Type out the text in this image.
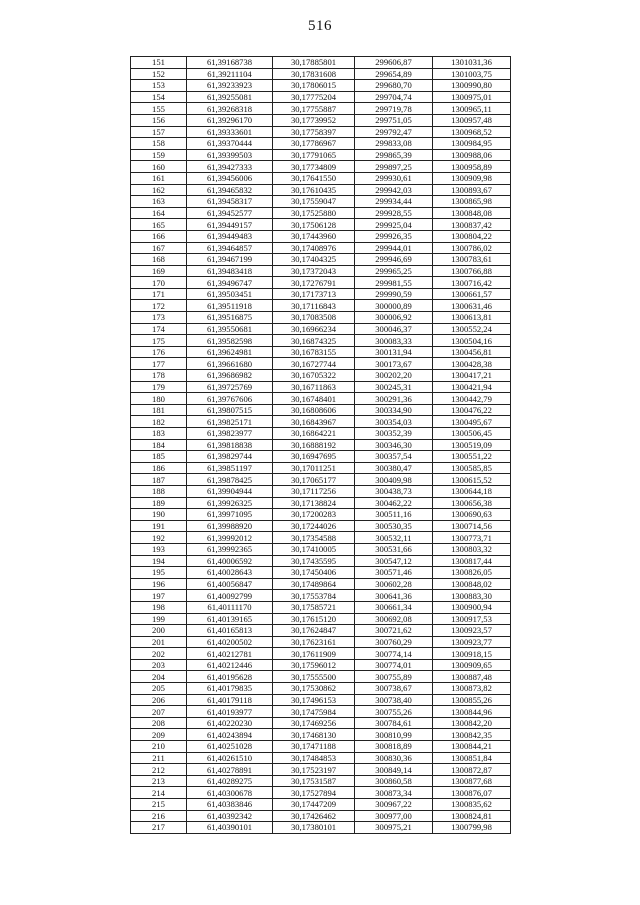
516
151	61,39168738	30,17885801	299606,87	1301031,36
152	61,39211104	30,17831608	299654,89	1301003,75
153	61,39233923	30,17806015	299680,70	1300990,80
154	61,39255081	30,17775204	299704,74	1300975,01
155	61,39268318	30,17755887	299719,78	1300965,11
156	61,39296170	30,17739952	299751,05	1300957,48
157	61,39333601	30,17758397	299792,47	1300968,52
158	61,39370444	30,17786967	299833,08	1300984,95
159	61,39399503	30,17791065	299865,39	1300988,06
160	61,39427333	30,17734809	299897,25	1300958,89
161	61,39456006	30,17641550	299930,61	1300909,98
162	61,39465832	30,17610435	299942,03	1300893,67
163	61,39458317	30,17559047	299934,44	1300865,98
164	61,39452577	30,17525880	299928,55	1300848,08
165	61,39449157	30,17506128	299925,04	1300837,42
166	61,39449483	30,17443960	299926,35	1300804,22
167	61,39464857	30,17408976	299944,01	1300786,02
168	61,39467199	30,17404325	299946,69	1300783,61
169	61,39483418	30,17372043	299965,25	1300766,88
170	61,39496747	30,17276791	299981,55	1300716,42
171	61,39503451	30,17173713	299990,59	1300661,57
172	61,39511918	30,17116843	300000,89	1300631,46
173	61,39516875	30,17083508	300006,92	1300613,81
174	61,39550681	30,16966234	300046,37	1300552,24
175	61,39582598	30,16874325	300083,33	1300504,16
176	61,39624981	30,16783155	300131,94	1300456,81
177	61,39661680	30,16727744	300173,67	1300428,38
178	61,39686982	30,16705322	300202,20	1300417,21
179	61,39725769	30,16711863	300245,31	1300421,94
180	61,39767606	30,16748401	300291,36	1300442,79
181	61,39807515	30,16808606	300334,90	1300476,22
182	61,39825171	30,16843967	300354,03	1300495,67
183	61,39823977	30,16864221	300352,39	1300506,45
184	61,39818838	30,16888192	300346,30	1300519,09
185	61,39829744	30,16947695	300357,54	1300551,22
186	61,39851197	30,17011251	300380,47	1300585,85
187	61,39878425	30,17065177	300409,98	1300615,52
188	61,39904944	30,17117256	300438,73	1300644,18
189	61,39926325	30,17138824	300462,22	1300656,38
190	61,39971095	30,17200283	300511,16	1300690,63
191	61,39988920	30,17244026	300530,35	1300714,56
192	61,39992012	30,17354588	300532,11	1300773,71
193	61,39992365	30,17410005	300531,66	1300803,32
194	61,40006592	30,17435595	300547,12	1300817,44
195	61,40028643	30,17450406	300571,46	1300826,05
196	61,40056847	30,17489864	300602,28	1300848,02
197	61,40092799	30,17553784	300641,36	1300883,30
198	61,40111170	30,17585721	300661,34	1300900,94
199	61,40139165	30,17615120	300692,08	1300917,53
200	61,40165813	30,17624847	300721,62	1300923,57
201	61,40200502	30,17623161	300760,29	1300923,77
202	61,40212781	30,17611909	300774,14	1300918,15
203	61,40212446	30,17596012	300774,01	1300909,65
204	61,40195628	30,17555500	300755,89	1300887,48
205	61,40179835	30,17530862	300738,67	1300873,82
206	61,40179118	30,17496153	300738,40	1300855,26
207	61,40193977	30,17475984	300755,26	1300844,96
208	61,40220230	30,17469256	300784,61	1300842,20
209	61,40243894	30,17468130	300810,99	1300842,35
210	61,40251028	30,17471188	300818,89	1300844,21
211	61,40261510	30,17484853	300830,36	1300851,84
212	61,40278891	30,17523197	300849,14	1300872,87
213	61,40289275	30,17531587	300860,58	1300877,68
214	61,40300678	30,17527894	300873,34	1300876,07
215	61,40383846	30,17447209	300967,22	1300835,62
216	61,40392342	30,17426462	300977,00	1300824,81
217	61,40390101	30,17380101	300975,21	1300799,98
